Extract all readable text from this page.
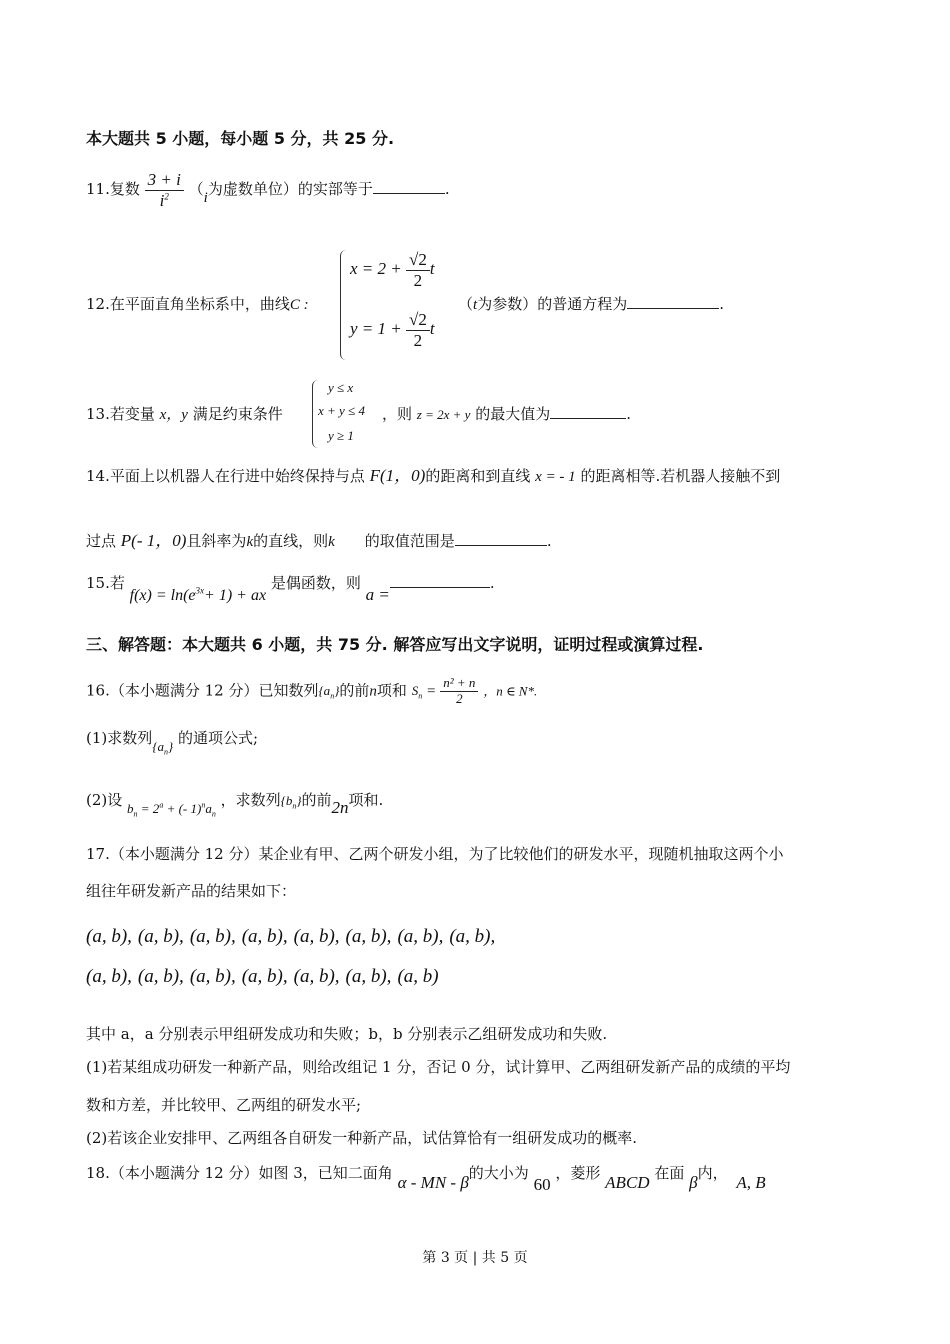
本大题共 5 小题，每小题 5 分，共 25 分.
11.复数 $\frac{3 + i}{i^2} (i$为虚数单位）的实部等于	.
12.在平面直角坐标系中，曲线C :
$x = 2 + \frac{√2}{2}$ t
$y = 1 + \frac{√2}{2}$ t
（t为参数）的普通方程为	.
13.若变量 x，y 满足约束条件
y ≤ x
x + y ≤ 4
y ≥ 1
，则 z = 2x + y 的最大值为	.
14.平面上以机器人在行进中始终保持与点 F(1，0)的距离和到直线 x = - 1 的距离相等.若机器人接触不到
过点 P(- 1，0)且斜率为k的直线，则k 的取值范围是	.
15.若 $f(x) = \ln(e^{3x}+ 1)$ + ax 是偶函数，则 a =.
三、解答题：本大题共 6 小题，共 75 分. 解答应写出文字说明，证明过程或演算过程.
16.（本小题满分 12 分）已知数列$\{a_n\}$的前n项和 $S_n = \frac{\text{n² + n}}{2}$ ，n ∈ N*.
(1)求数列$\{a_n\}$ 的通项公式;
(2)设 $b_n = 2^a$ + (- $1)^na_n$ ，求数列$\{b_n\}$的前2n项和.
17.（本小题满分 12 分）某企业有甲、乙两个研发小组，为了比较他们的研发水平，现随机抽取这两个小
组往年研发新产品的结果如下：
(a, b), (a, b), (a, b), (a, b), (a, b), (a, b), (a, b), (a, b),
(a, b), (a, b), (a, b), (a, b), (a, b), (a, b), (a, b)
其中 a，a 分别表示甲组研发成功和失败；b，b 分别表示乙组研发成功和失败.
(1)若某组成功研发一种新产品，则给改组记 1 分，否记 0 分，试计算甲、乙两组研发新产品的成绩的平均
数和方差，并比较甲、乙两组的研发水平;
(2)若该企业安排甲、乙两组各自研发一种新产品，试估算恰有一组研发成功的概率.
18.（本小题满分 12 分）如图 3，已知二面角 α - MN - β的大小为 60 ，菱形 ABCD 在面 β内， A, B
第 3 页 | 共 5 页
